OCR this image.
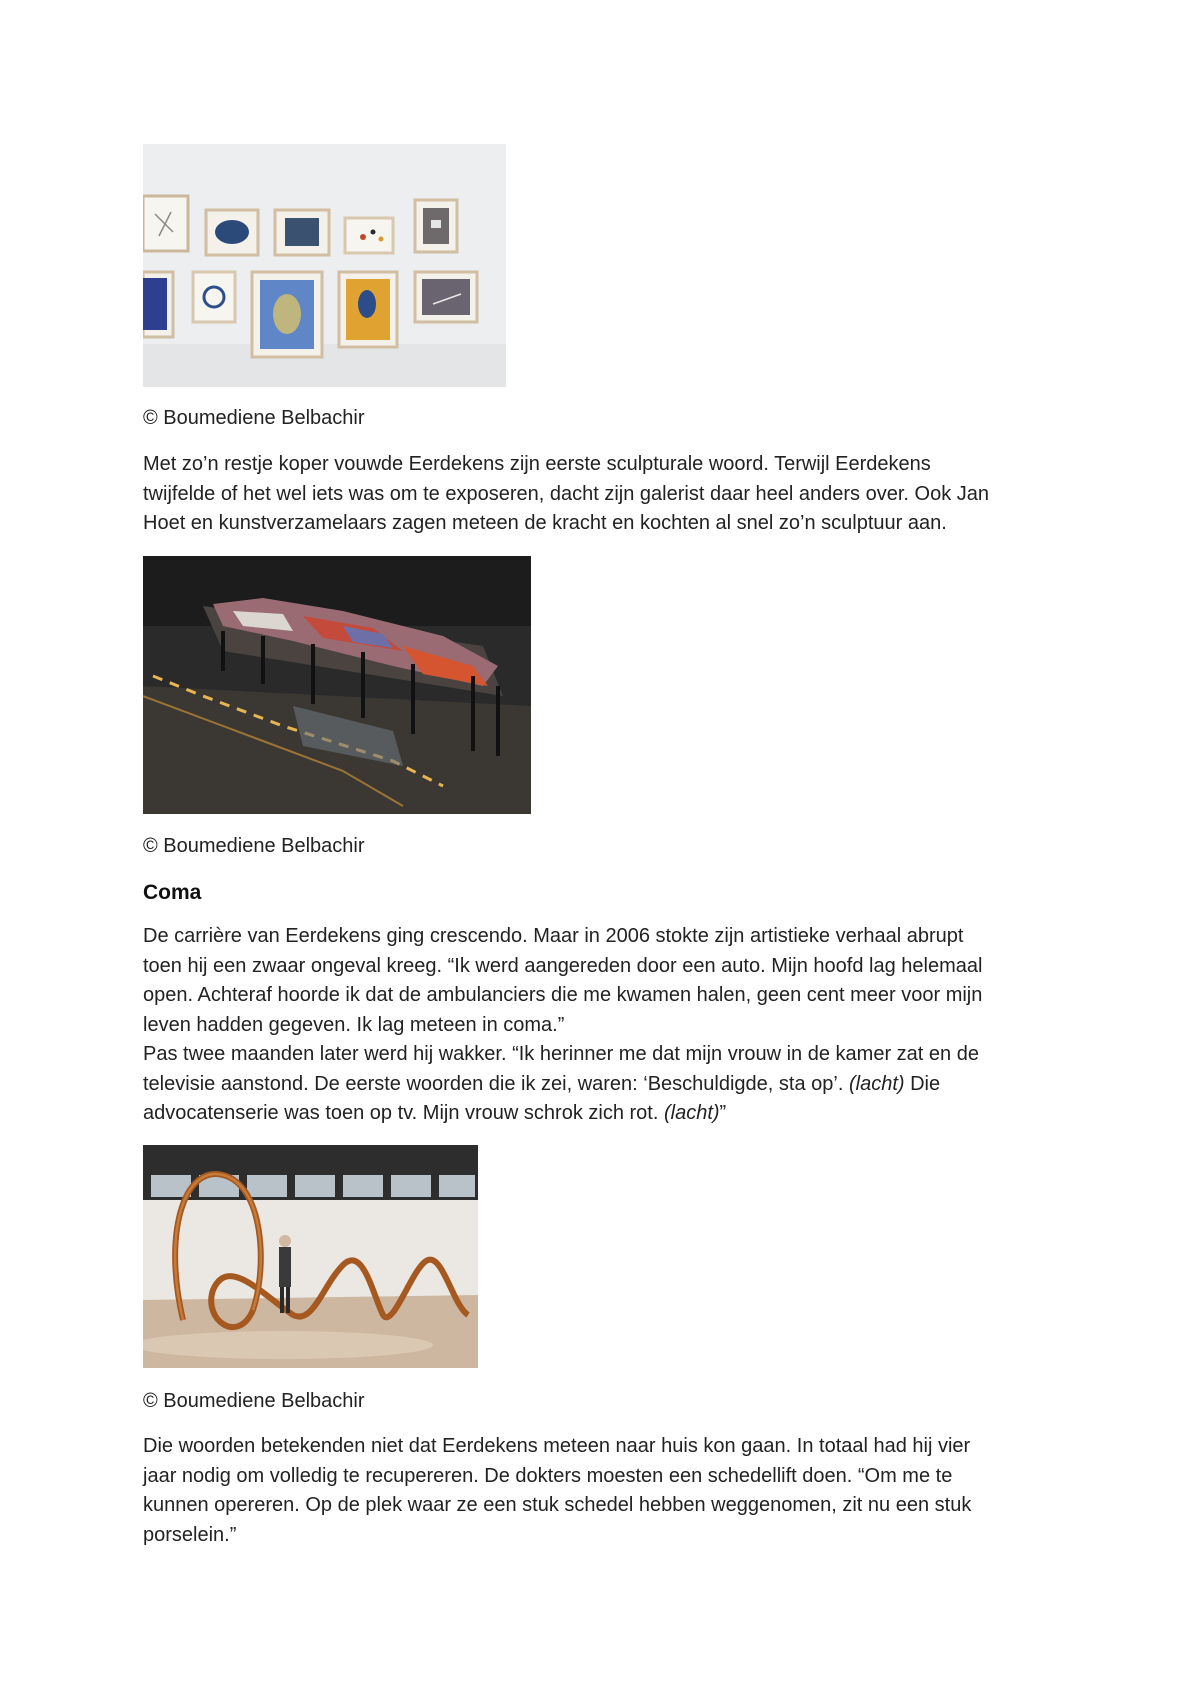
© Boumediene Belbachir

Met zo’n restje koper vouwde Eerdekens zijn eerste sculpturale woord. Terwijl Eerdekens
twijfelde of het wel iets was om te exposeren, dacht zijn galerist daar heel anders over. Ook Jan
Hoet en kunstverzamelaars zagen meteen de kracht en kochten al snel zo’n sculptuur aan.

© Boumediene Belbachir
Coma

De carrière van Eerdekens ging crescendo. Maar in 2006 stokte zijn artistieke verhaal abrupt
toen hij een zwaar ongeval kreeg. “Ik werd aangereden door een auto. Mijn hoofd lag helemaal
open. Achteraf hoorde ik dat de ambulanciers die me kwamen halen, geen cent meer voor mijn
leven hadden gegeven. Ik lag meteen in coma.”

Pas twee maanden later werd hij wakker. “Ik herinner me dat mijn vrouw in de kamer zat en de
televisie aanstond. De eerste woorden die ik zei, waren: ‘Beschuldigde, sta op’. (lacht) Die
advocatenserie was toen op tv. Mijn vrouw schrok zich rot. (lacht)”

© Boumediene Belbachir

Die woorden betekenden niet dat Eerdekens meteen naar huis kon gaan. In totaal had hij vier
jaar nodig om volledig te recupereren. De dokters moesten een schedellift doen. “Om me te
kunnen opereren. Op de plek waar ze een stuk schedel hebben weggenomen, zit nu een stuk
porselein.”
